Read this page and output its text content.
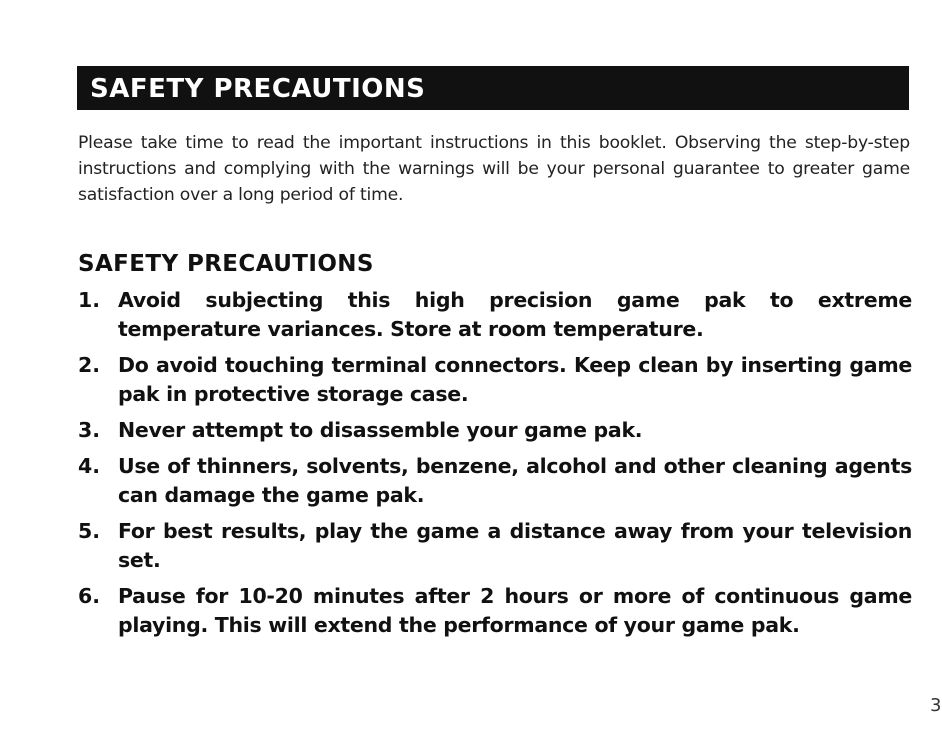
SAFETY PRECAUTIONS

Please take time to read the important instructions in this booklet. Observing the step-by-step instructions and complying with the warnings will be your personal guarantee to greater game satisfaction over a long period of time.

SAFETY PRECAUTIONS
1. Avoid subjecting this high precision game pak to extreme temperature variances. Store at room temperature.
2. Do avoid touching terminal connectors. Keep clean by inserting game pak in protective storage case.
3. Never attempt to disassemble your game pak.
4. Use of thinners, solvents, benzene, alcohol and other cleaning agents can damage the game pak.
5. For best results, play the game a distance away from your television set.
6. Pause for 10-20 minutes after 2 hours or more of continuous game playing. This will extend the performance of your game pak.
3
